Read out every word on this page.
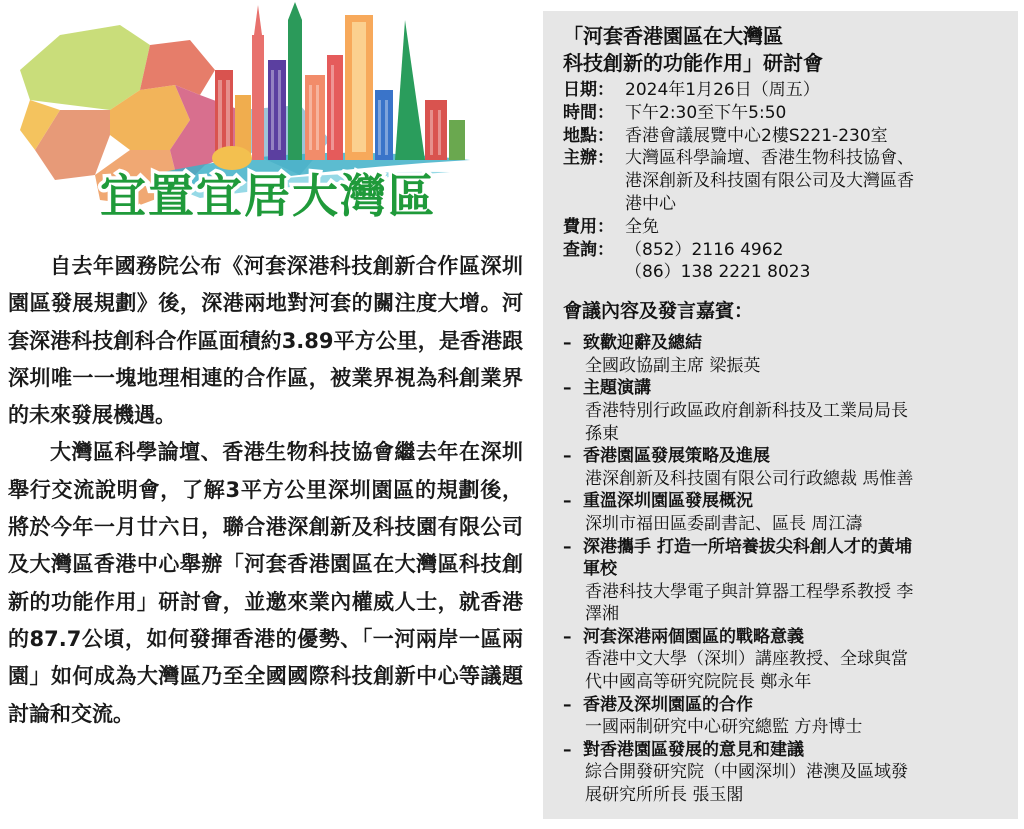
宜置宜居大灣區

自去年國務院公布《河套深港科技創新合作區深圳園區發展規劃》後，深港兩地對河套的關注度大增。河套深港科技創科合作區面積約3.89平方公里，是香港跟深圳唯一一塊地理相連的合作區，被業界視為科創業界的未來發展機遇。

大灣區科學論壇、香港生物科技協會繼去年在深圳舉行交流說明會，了解3平方公里深圳園區的規劃後，將於今年一月廿六日，聯合港深創新及科技園有限公司及大灣區香港中心舉辦「河套香港園區在大灣區科技創新的功能作用」研討會，並邀來業內權威人士，就香港的87.7公頃，如何發揮香港的優勢、「一河兩岸一區兩園」如何成為大灣區乃至全國國際科技創新中心等議題討論和交流。

「河套香港園區在大灣區
科技創新的功能作用」研討會
日期： 2024年1月26日（周五）
時間： 下午2:30至下午5:50
地點： 香港會議展覽中心2樓S221-230室
主辦： 大灣區科學論壇、香港生物科技協會、
港深創新及科技園有限公司及大灣區香
港中心
費用： 全免
查詢： （852）2116 4962
（86）138 2221 8023
會議內容及發言嘉賓：
– 致歡迎辭及總結
全國政協副主席 梁振英
– 主題演講
香港特別行政區政府創新科技及工業局局長
孫東
– 香港園區發展策略及進展
港深創新及科技園有限公司行政總裁 馬惟善
– 重溫深圳園區發展概況
深圳市福田區委副書記、區長 周江濤
– 深港攜手 打造一所培養拔尖科創人才的黃埔
軍校
香港科技大學電子與計算器工程學系教授 李
澤湘
– 河套深港兩個園區的戰略意義
香港中文大學（深圳）講座教授、全球與當
代中國高等研究院院長 鄭永年
– 香港及深圳園區的合作
一國兩制研究中心研究總監 方舟博士
– 對香港園區發展的意見和建議
綜合開發研究院（中國深圳）港澳及區域發
展研究所所長 張玉閣
